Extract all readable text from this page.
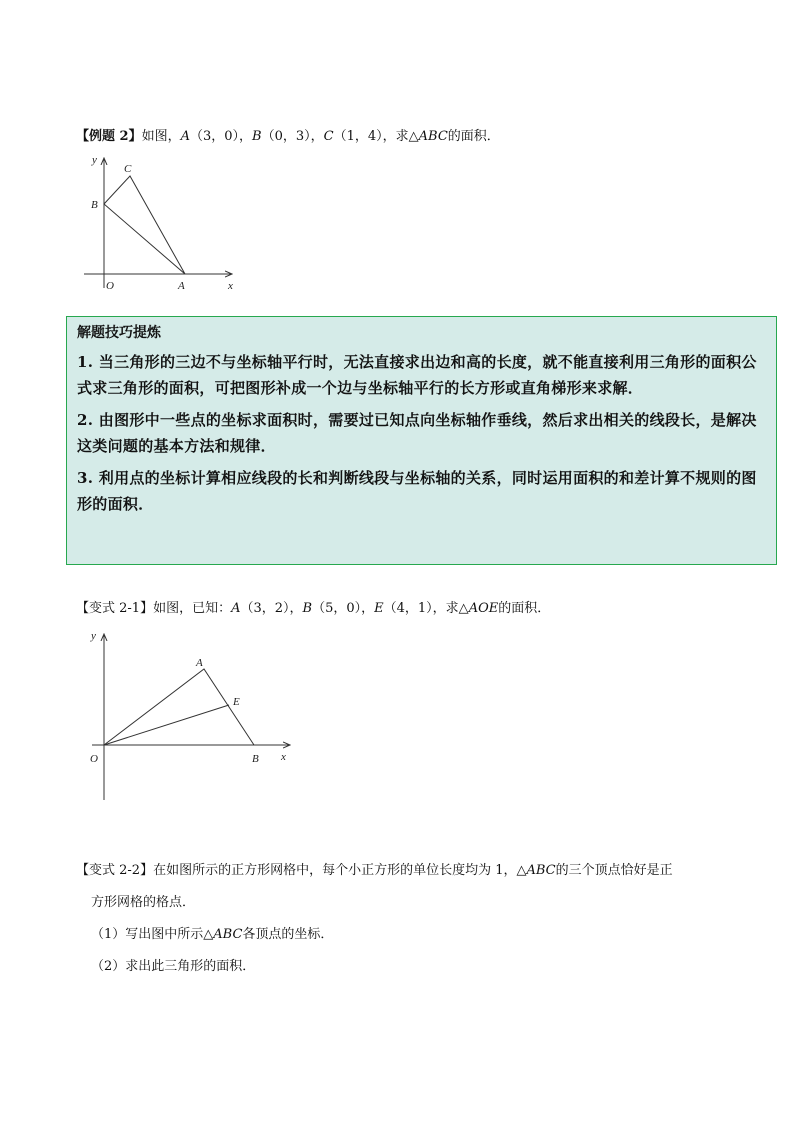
【例题 2】如图，A（3，0），B（0，3），C（1，4），求△ABC的面积．
y
x
O	A
B
C
解题技巧提炼
1. 当三角形的三边不与坐标轴平行时，无法直接求出边和高的长度，就不能直接利用三角形的面积公式求三角形的面积，可把图形补成一个边与坐标轴平行的长方形或直角梯形来求解．
2. 由图形中一些点的坐标求面积时，需要过已知点向坐标轴作垂线，然后求出相关的线段长，是解决这类问题的基本方法和规律．
3. 利用点的坐标计算相应线段的长和判断线段与坐标轴的关系，同时运用面积的和差计算不规则的图形的面积．
【变式 2-1】如图，已知：A（3，2），B（5，0），E（4，1），求△AOE的面积．
y
x
O
A
E
B
【变式 2-2】在如图所示的正方形网格中，每个小正方形的单位长度均为 1，△ABC的三个顶点恰好是正
方形网格的格点．
（1）写出图中所示△ABC各顶点的坐标．
（2）求出此三角形的面积．
